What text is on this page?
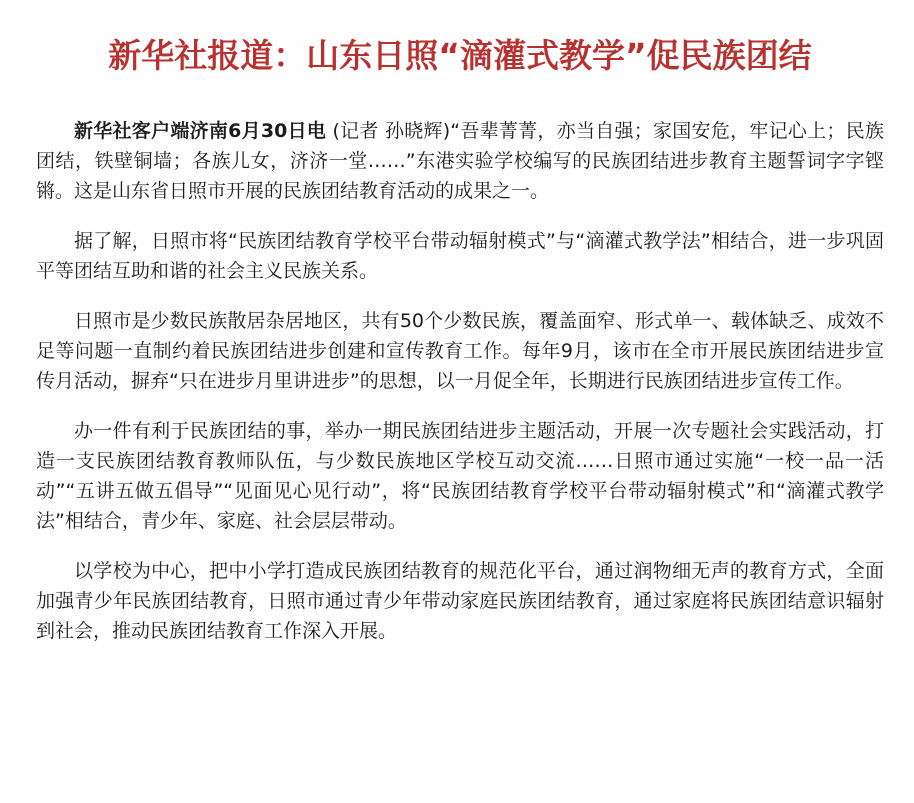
新华社报道：山东日照“滴灌式教学”促民族团结

新华社客户端济南6月30日电 (记者 孙晓辉)“吾辈菁菁，亦当自强；家国安危，牢记心上；民族团结，铁壁铜墙；各族儿女，济济一堂……”东港实验学校编写的民族团结进步教育主题誓词字字铿锵。这是山东省日照市开展的民族团结教育活动的成果之一。

据了解，日照市将“民族团结教育学校平台带动辐射模式”与“滴灌式教学法”相结合，进一步巩固平等团结互助和谐的社会主义民族关系。

日照市是少数民族散居杂居地区，共有50个少数民族，覆盖面窄、形式单一、载体缺乏、成效不足等问题一直制约着民族团结进步创建和宣传教育工作。每年9月，该市在全市开展民族团结进步宣传月活动，摒弃“只在进步月里讲进步”的思想，以一月促全年，长期进行民族团结进步宣传工作。

办一件有利于民族团结的事，举办一期民族团结进步主题活动，开展一次专题社会实践活动，打造一支民族团结教育教师队伍，与少数民族地区学校互动交流……日照市通过实施“一校一品一活动”“五讲五做五倡导”“见面见心见行动”，将“民族团结教育学校平台带动辐射模式”和“滴灌式教学法”相结合，青少年、家庭、社会层层带动。

以学校为中心，把中小学打造成民族团结教育的规范化平台，通过润物细无声的教育方式，全面加强青少年民族团结教育，日照市通过青少年带动家庭民族团结教育，通过家庭将民族团结意识辐射到社会，推动民族团结教育工作深入开展。
